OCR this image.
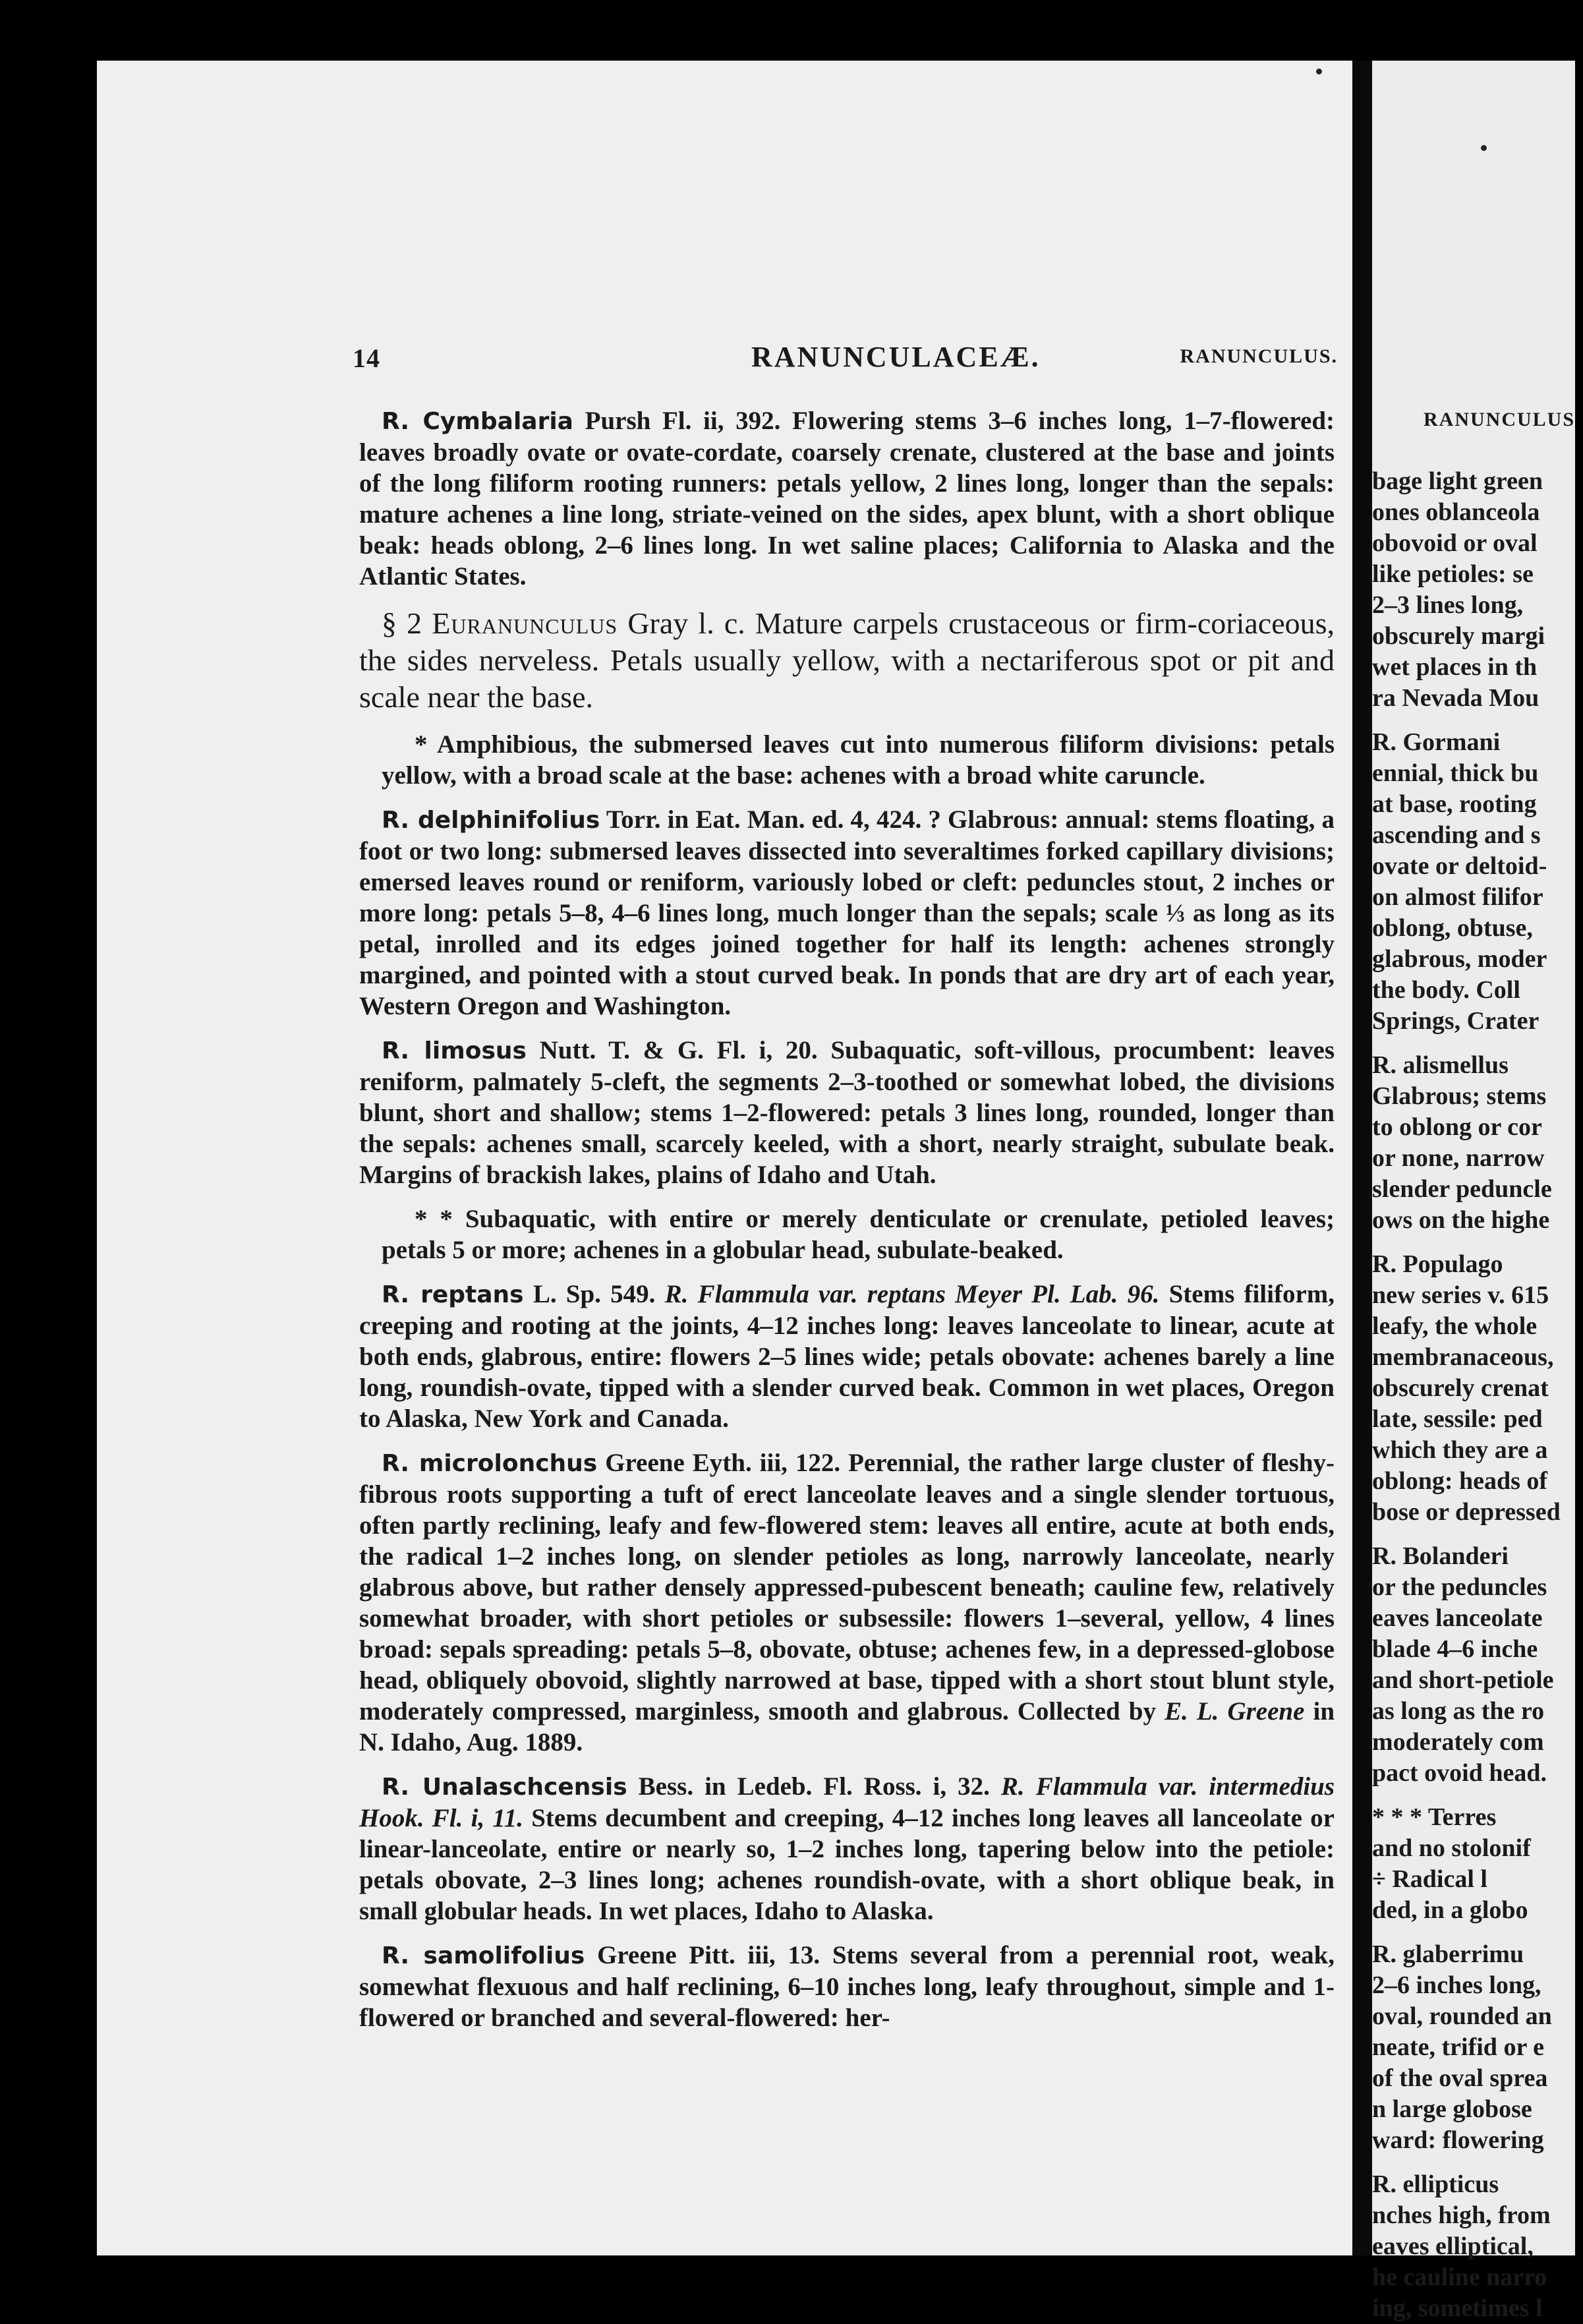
RANUNCULUS
bage light green
ones oblanceola
obovoid or oval
like petioles: se
2–3 lines long,
obscurely margi
wet places in th
ra Nevada Mou
R. Gormani
ennial, thick bu
at base, rooting
ascending and s
ovate or deltoid-
on almost filifor
oblong, obtuse,
glabrous, moder
the body. Coll
Springs, Crater
R. alismellus
Glabrous; stems
to oblong or cor
or none, narrow
slender peduncle
ows on the highe
R. Populago
new series v. 615
leafy, the whole
membranaceous,
obscurely crenat
late, sessile: ped
which they are a
oblong: heads of
bose or depressed
R. Bolanderi
or the peduncles
eaves lanceolate
blade 4–6 inche
and short-petiole
as long as the ro
moderately com
pact ovoid head.
* * * Terres
and no stolonif
÷ Radical l
ded, in a globo
R. glaberrimu
2–6 inches long,
oval, rounded an
neate, trifid or e
of the oval sprea
n large globose
ward: flowering
R. ellipticus
nches high, from
eaves elliptical,
he cauline narro
ing, sometimes l
14	RANUNCULACEÆ.	RANUNCULUS.

R. Cymbalaria Pursh Fl. ii, 392. Flowering stems 3–6 inches long, 1–7-flowered: leaves broadly ovate or ovate-cordate, coarsely crenate, clustered at the base and joints of the long filiform rooting runners: petals yellow, 2 lines long, longer than the sepals: mature achenes a line long, striate-veined on the sides, apex blunt, with a short oblique beak: heads oblong, 2–6 lines long. In wet saline places; California to Alaska and the Atlantic States.

§ 2 Euranunculus Gray l. c. Mature carpels crustaceous or firm-coriaceous, the sides nerveless. Petals usually yellow, with a nectariferous spot or pit and scale near the base.

* Amphibious, the submersed leaves cut into numerous filiform divisions: petals yellow, with a broad scale at the base: achenes with a broad white caruncle.

R. delphinifolius Torr. in Eat. Man. ed. 4, 424. ? Glabrous: annual: stems floating, a foot or two long: submersed leaves dissected into severaltimes forked capillary divisions; emersed leaves round or reniform, variously lobed or cleft: peduncles stout, 2 inches or more long: petals 5–8, 4–6 lines long, much longer than the sepals; scale ⅓ as long as its petal, inrolled and its edges joined together for half its length: achenes strongly margined, and pointed with a stout curved beak. In ponds that are dry art of each year, Western Oregon and Washington.

R. limosus Nutt. T. & G. Fl. i, 20. Subaquatic, soft-villous, procumbent: leaves reniform, palmately 5-cleft, the segments 2–3-toothed or somewhat lobed, the divisions blunt, short and shallow; stems 1–2-flowered: petals 3 lines long, rounded, longer than the sepals: achenes small, scarcely keeled, with a short, nearly straight, subulate beak. Margins of brackish lakes, plains of Idaho and Utah.

* * Subaquatic, with entire or merely denticulate or crenulate, petioled leaves; petals 5 or more; achenes in a globular head, subulate-beaked.

R. reptans L. Sp. 549. R. Flammula var. reptans Meyer Pl. Lab. 96. Stems filiform, creeping and rooting at the joints, 4–12 inches long: leaves lanceolate to linear, acute at both ends, glabrous, entire: flowers 2–5 lines wide; petals obovate: achenes barely a line long, roundish-ovate, tipped with a slender curved beak. Common in wet places, Oregon to Alaska, New York and Canada.

R. microlonchus Greene Eyth. iii, 122. Perennial, the rather large cluster of fleshy-fibrous roots supporting a tuft of erect lanceolate leaves and a single slender tortuous, often partly reclining, leafy and few-flowered stem: leaves all entire, acute at both ends, the radical 1–2 inches long, on slender petioles as long, narrowly lanceolate, nearly glabrous above, but rather densely appressed-pubescent beneath; cauline few, relatively somewhat broader, with short petioles or subsessile: flowers 1–several, yellow, 4 lines broad: sepals spreading: petals 5–8, obovate, obtuse; achenes few, in a depressed-globose head, obliquely obovoid, slightly narrowed at base, tipped with a short stout blunt style, moderately compressed, marginless, smooth and glabrous. Collected by E. L. Greene in N. Idaho, Aug. 1889.

R. Unalaschcensis Bess. in Ledeb. Fl. Ross. i, 32. R. Flammula var. intermedius Hook. Fl. i, 11. Stems decumbent and creeping, 4–12 inches long leaves all lanceolate or linear-lanceolate, entire or nearly so, 1–2 inches long, tapering below into the petiole: petals obovate, 2–3 lines long; achenes roundish-ovate, with a short oblique beak, in small globular heads. In wet places, Idaho to Alaska.

R. samolifolius Greene Pitt. iii, 13. Stems several from a perennial root, weak, somewhat flexuous and half reclining, 6–10 inches long, leafy throughout, simple and 1-flowered or branched and several-flowered: her-
